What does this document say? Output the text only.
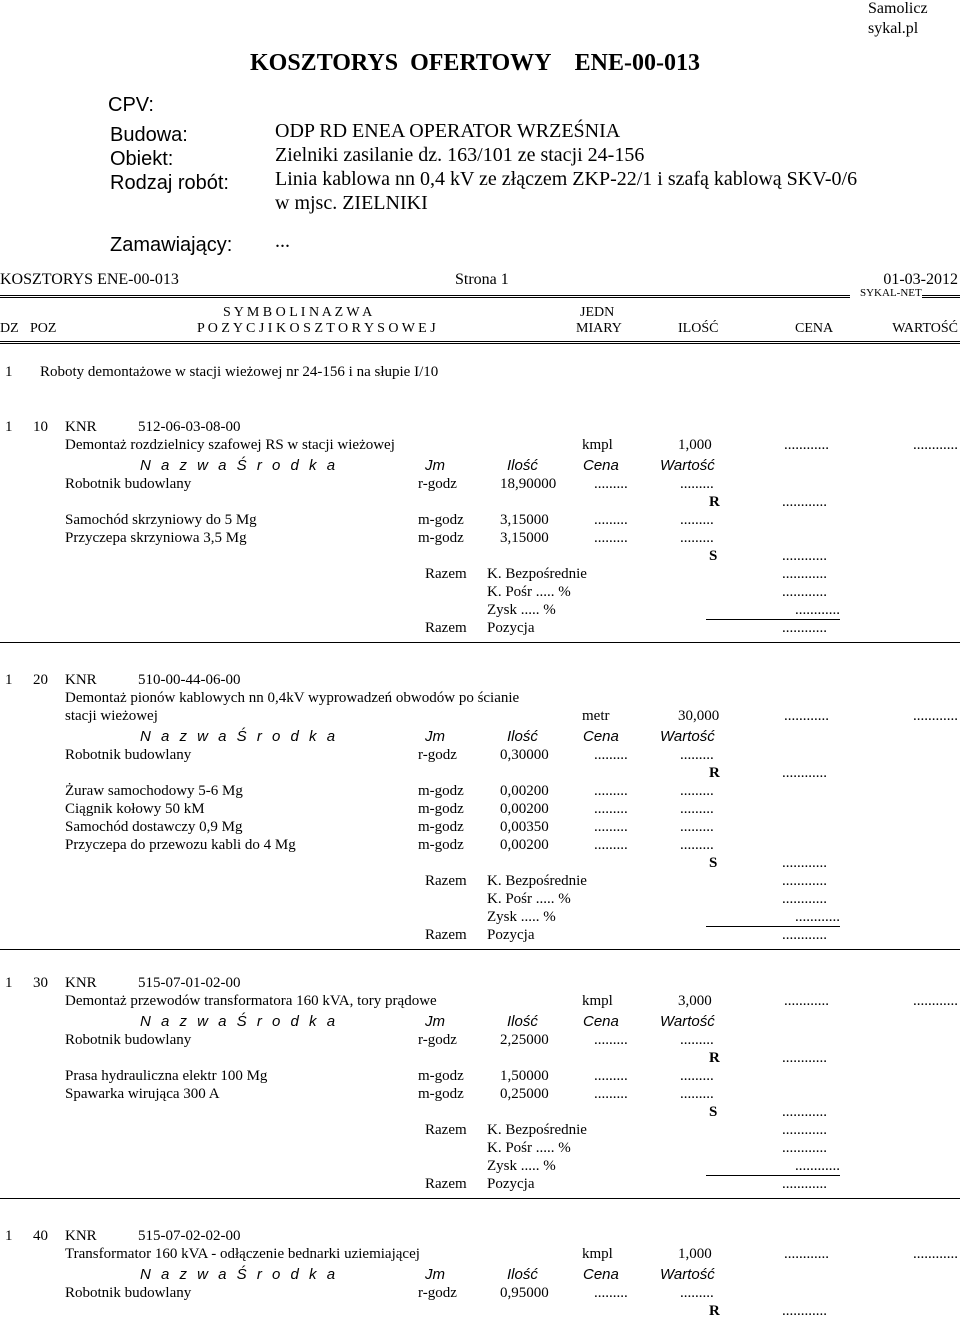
Samolicz
sykal.pl
KOSZTORYS  OFERTOWY    ENE-00-013
CPV:
Budowa:	ODP RD ENEA OPERATOR WRZEŚNIA
Obiekt:	Zielniki zasilanie dz. 163/101 ze stacji 24-156
Rodzaj robót: Linia kablowa nn 0,4 kV ze złączem ZKP-22/1 i szafą kablową SKV-0/6
w mjsc. ZIELNIKI
Zamawiający: ...
KOSZTORYS ENE-00-013	Strona 1	01-03-2012
SYKAL-NET
S Y M B O L I N A Z W A
DZ POZ	P O Z Y C J I K O S Z T O R Y S O W E J
JEDN
MIARY	ILOŚĆ	CENA	WARTOŚĆ
1 Roboty demontażowe w stacji wieżowej nr 24-156 i na słupie I/10
1 10 KNR	512-06-03-08-00
Demontaż rozdzielnicy szafowej RS w stacji wieżowej	kmpl	1,000	............	............
N a z w a Ś r o d k a	Jm	Ilość	Cena	Wartość
Robotnik budowlany	r-godz	18,90000	.........	.........
R	............
Samochód skrzyniowy do 5 Mg	m-godz 3,15000	.........	.........
Przyczepa skrzyniowa 3,5 Mg	m-godz 3,15000	.........	.........
S	............
Razem K. Bezpośrednie	............
K. Pośr ..... %	............
Zysk ..... %	............
Razem Pozycja	............
1 20 KNR	510-00-44-06-00
Demontaż pionów kablowych nn 0,4kV wyprowadzeń obwodów po ścianie
stacji wieżowej	metr	30,000	............	............
N a z w a Ś r o d k a	Jm	Ilość	Cena	Wartość
Robotnik budowlany	r-godz	0,30000	.........	.........
R	............
Żuraw samochodowy 5-6 Mg	m-godz 0,00200	.........	.........
Ciągnik kołowy 50 kM	m-godz 0,00200	.........	.........
Samochód dostawczy 0,9 Mg	m-godz 0,00350	.........	.........
Przyczepa do przewozu kabli do 4 Mg	m-godz 0,00200	.........	.........
S	............
Razem K. Bezpośrednie	............
K. Pośr ..... %	............
Zysk ..... %	............
Razem Pozycja	............
1 30 KNR	515-07-01-02-00
Demontaż przewodów transformatora 160 kVA, tory prądowe	kmpl	3,000	............	............
N a z w a Ś r o d k a	Jm	Ilość	Cena	Wartość
Robotnik budowlany	r-godz	2,25000	.........	.........
R	............
Prasa hydrauliczna elektr 100 Mg	m-godz 1,50000	.........	.........
Spawarka wirująca 300 A	m-godz 0,25000	.........	.........
S	............
Razem K. Bezpośrednie	............
K. Pośr ..... %	............
Zysk ..... %	............
Razem Pozycja	............
1 40 KNR	515-07-02-02-00
Transformator 160 kVA - odłączenie bednarki uziemiającej	kmpl	1,000	............	............
N a z w a Ś r o d k a	Jm	Ilość	Cena	Wartość
Robotnik budowlany	r-godz	0,95000	.........	.........
R	............
